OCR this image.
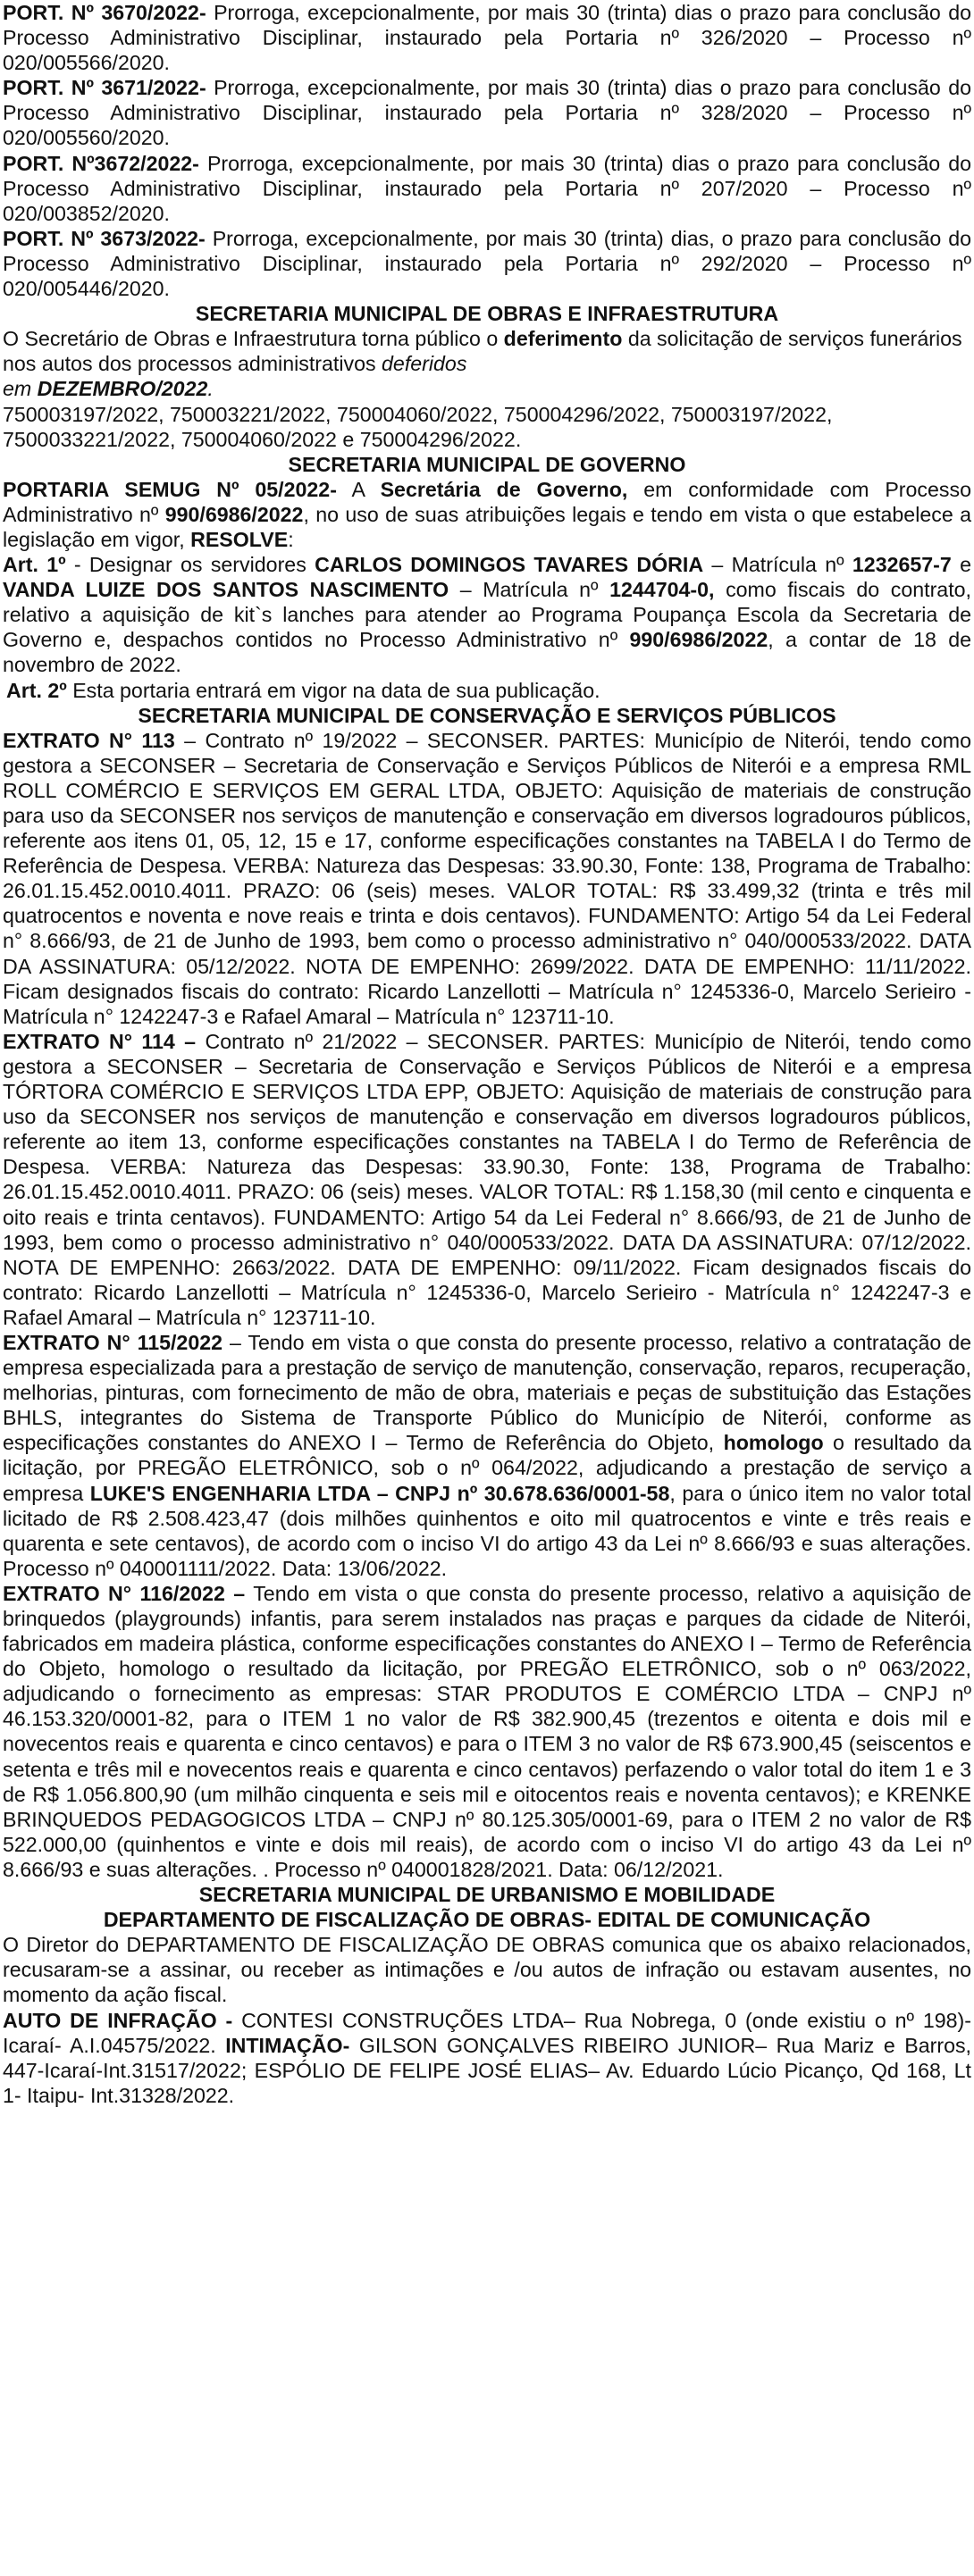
PORT. Nº 3670/2022- Prorroga, excepcionalmente, por mais 30 (trinta) dias o prazo para conclusão do Processo Administrativo Disciplinar, instaurado pela Portaria nº 326/2020 – Processo nº 020/005566/2020.

PORT. Nº 3671/2022- Prorroga, excepcionalmente, por mais 30 (trinta) dias o prazo para conclusão do Processo Administrativo Disciplinar, instaurado pela Portaria nº 328/2020 – Processo nº 020/005560/2020.

PORT. Nº3672/2022- Prorroga, excepcionalmente, por mais 30 (trinta) dias o prazo para conclusão do Processo Administrativo Disciplinar, instaurado pela Portaria nº 207/2020 – Processo nº 020/003852/2020.

PORT. Nº 3673/2022- Prorroga, excepcionalmente, por mais 30 (trinta) dias, o prazo para conclusão do Processo Administrativo Disciplinar, instaurado pela Portaria nº 292/2020 – Processo nº 020/005446/2020.

SECRETARIA MUNICIPAL DE OBRAS E INFRAESTRUTURA

O Secretário de Obras e Infraestrutura torna público o deferimento da solicitação de serviços funerários nos autos dos processos administrativos deferidos

em DEZEMBRO/2022.

750003197/2022, 750003221/2022, 750004060/2022, 750004296/2022, 750003197/2022, 7500033221/2022, 750004060/2022 e 750004296/2022.

SECRETARIA MUNICIPAL DE GOVERNO

PORTARIA SEMUG Nº 05/2022- A Secretária de Governo, em conformidade com Processo Administrativo nº 990/6986/2022, no uso de suas atribuições legais e tendo em vista o que estabelece a legislação em vigor, RESOLVE:

Art. 1º - Designar os servidores CARLOS DOMINGOS TAVARES DÓRIA – Matrícula nº 1232657-7 e VANDA LUIZE DOS SANTOS NASCIMENTO – Matrícula nº 1244704-0, como fiscais do contrato, relativo a aquisição de kit`s lanches para atender ao Programa Poupança Escola da Secretaria de Governo e, despachos contidos no Processo Administrativo nº 990/6986/2022, a contar de 18 de novembro de 2022.

Art. 2º Esta portaria entrará em vigor na data de sua publicação.

SECRETARIA MUNICIPAL DE CONSERVAÇÃO E SERVIÇOS PÚBLICOS

EXTRATO N° 113 – Contrato nº 19/2022 – SECONSER. PARTES: Município de Niterói, tendo como gestora a SECONSER – Secretaria de Conservação e Serviços Públicos de Niterói e a empresa RML ROLL COMÉRCIO E SERVIÇOS EM GERAL LTDA, OBJETO: Aquisição de materiais de construção para uso da SECONSER nos serviços de manutenção e conservação em diversos logradouros públicos, referente aos itens 01, 05, 12, 15 e 17, conforme especificações constantes na TABELA I do Termo de Referência de Despesa. VERBA: Natureza das Despesas: 33.90.30, Fonte: 138, Programa de Trabalho: 26.01.15.452.0010.4011. PRAZO: 06 (seis) meses. VALOR TOTAL: R$ 33.499,32 (trinta e três mil quatrocentos e noventa e nove reais e trinta e dois centavos). FUNDAMENTO: Artigo 54 da Lei Federal n° 8.666/93, de 21 de Junho de 1993, bem como o processo administrativo n° 040/000533/2022. DATA DA ASSINATURA: 05/12/2022. NOTA DE EMPENHO: 2699/2022. DATA DE EMPENHO: 11/11/2022. Ficam designados fiscais do contrato: Ricardo Lanzellotti – Matrícula n° 1245336-0, Marcelo Serieiro - Matrícula n° 1242247-3 e Rafael Amaral – Matrícula n° 123711-10.

EXTRATO N° 114 – Contrato nº 21/2022 – SECONSER. PARTES: Município de Niterói, tendo como gestora a SECONSER – Secretaria de Conservação e Serviços Públicos de Niterói e a empresa TÓRTORA COMÉRCIO E SERVIÇOS LTDA EPP, OBJETO: Aquisição de materiais de construção para uso da SECONSER nos serviços de manutenção e conservação em diversos logradouros públicos, referente ao item 13, conforme especificações constantes na TABELA I do Termo de Referência de Despesa. VERBA: Natureza das Despesas: 33.90.30, Fonte: 138, Programa de Trabalho: 26.01.15.452.0010.4011. PRAZO: 06 (seis) meses. VALOR TOTAL: R$ 1.158,30 (mil cento e cinquenta e oito reais e trinta centavos). FUNDAMENTO: Artigo 54 da Lei Federal n° 8.666/93, de 21 de Junho de 1993, bem como o processo administrativo n° 040/000533/2022. DATA DA ASSINATURA: 07/12/2022. NOTA DE EMPENHO: 2663/2022. DATA DE EMPENHO: 09/11/2022. Ficam designados fiscais do contrato: Ricardo Lanzellotti – Matrícula n° 1245336-0, Marcelo Serieiro - Matrícula n° 1242247-3 e Rafael Amaral – Matrícula n° 123711-10.

EXTRATO N° 115/2022 – Tendo em vista o que consta do presente processo, relativo a contratação de empresa especializada para a prestação de serviço de manutenção, conservação, reparos, recuperação, melhorias, pinturas, com fornecimento de mão de obra, materiais e peças de substituição das Estações BHLS, integrantes do Sistema de Transporte Público do Município de Niterói, conforme as especificações constantes do ANEXO I – Termo de Referência do Objeto, homologo o resultado da licitação, por PREGÃO ELETRÔNICO, sob o nº 064/2022, adjudicando a prestação de serviço a empresa LUKE'S ENGENHARIA LTDA – CNPJ nº 30.678.636/0001-58, para o único item no valor total licitado de R$ 2.508.423,47 (dois milhões quinhentos e oito mil quatrocentos e vinte e três reais e quarenta e sete centavos), de acordo com o inciso VI do artigo 43 da Lei nº 8.666/93 e suas alterações. Processo nº 040001111/2022. Data: 13/06/2022.

EXTRATO N° 116/2022 – Tendo em vista o que consta do presente processo, relativo a aquisição de brinquedos (playgrounds) infantis, para serem instalados nas praças e parques da cidade de Niterói, fabricados em madeira plástica, conforme especificações constantes do ANEXO I – Termo de Referência do Objeto, homologo o resultado da licitação, por PREGÃO ELETRÔNICO, sob o nº 063/2022, adjudicando o fornecimento as empresas: STAR PRODUTOS E COMÉRCIO LTDA – CNPJ nº 46.153.320/0001-82, para o ITEM 1 no valor de R$ 382.900,45 (trezentos e oitenta e dois mil e novecentos reais e quarenta e cinco centavos) e para o ITEM 3 no valor de R$ 673.900,45 (seiscentos e setenta e três mil e novecentos reais e quarenta e cinco centavos) perfazendo o valor total do item 1 e 3 de R$ 1.056.800,90 (um milhão cinquenta e seis mil e oitocentos reais e noventa centavos); e KRENKE BRINQUEDOS PEDAGOGICOS LTDA – CNPJ nº 80.125.305/0001-69, para o ITEM 2 no valor de R$ 522.000,00 (quinhentos e vinte e dois mil reais), de acordo com o inciso VI do artigo 43 da Lei nº 8.666/93 e suas alterações. . Processo nº 040001828/2021. Data: 06/12/2021.

SECRETARIA MUNICIPAL DE URBANISMO E MOBILIDADE
DEPARTAMENTO DE FISCALIZAÇÃO DE OBRAS- EDITAL DE COMUNICAÇÃO

O Diretor do DEPARTAMENTO DE FISCALIZAÇÃO DE OBRAS comunica que os abaixo relacionados, recusaram-se a assinar, ou receber as intimações e /ou autos de infração ou estavam ausentes, no momento da ação fiscal.

AUTO DE INFRAÇÃO - CONTESI CONSTRUÇÕES LTDA– Rua Nobrega, 0 (onde existiu o nº 198)- Icaraí- A.I.04575/2022. INTIMAÇÃO- GILSON GONÇALVES RIBEIRO JUNIOR– Rua Mariz e Barros, 447-Icaraí-Int.31517/2022; ESPÓLIO DE FELIPE JOSÉ ELIAS– Av. Eduardo Lúcio Picanço, Qd 168, Lt 1- Itaipu- Int.31328/2022.
